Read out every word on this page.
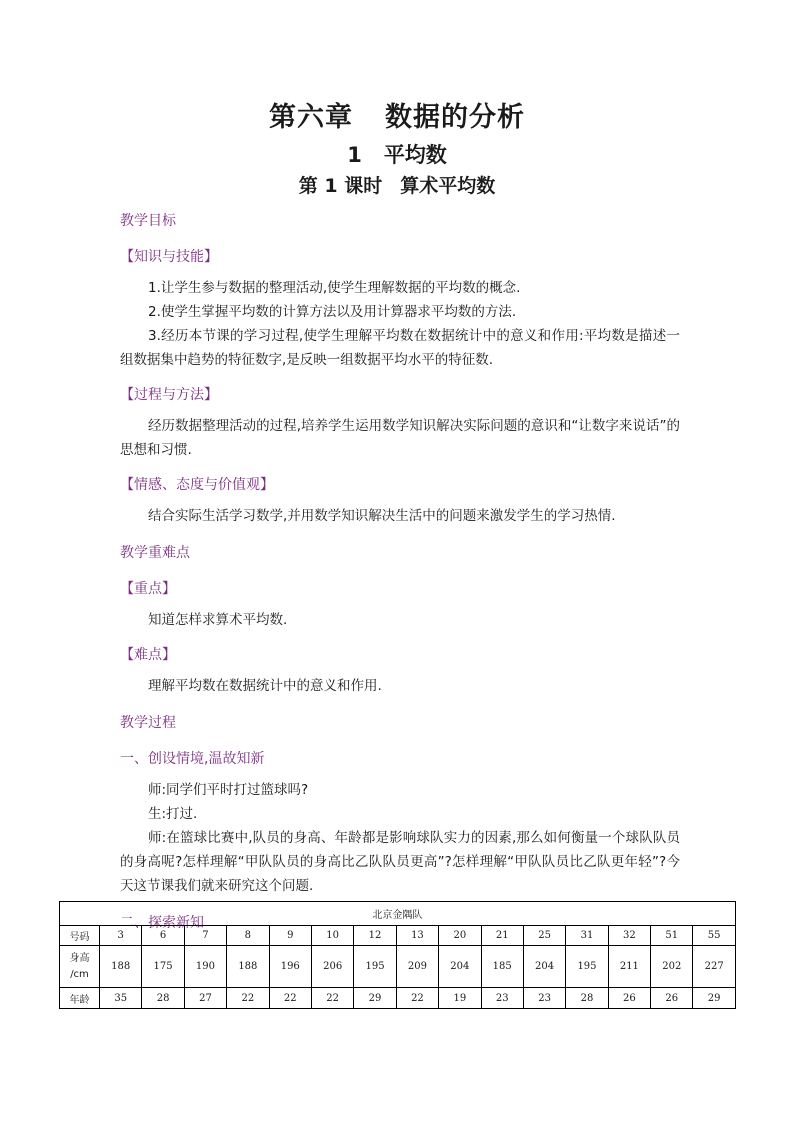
第六章 数据的分析
1 平均数
第 1 课时 算术平均数
教学目标
【知识与技能】

1.让学生参与数据的整理活动,使学生理解数据的平均数的概念.

2.使学生掌握平均数的计算方法以及用计算器求平均数的方法.

3.经历本节课的学习过程,使学生理解平均数在数据统计中的意义和作用:平均数是描述一组数据集中趋势的特征数字,是反映一组数据平均水平的特征数.

【过程与方法】

经历数据整理活动的过程,培养学生运用数学知识解决实际问题的意识和“让数字来说话”的思想和习惯.

【情感、态度与价值观】

结合实际生活学习数学,并用数学知识解决生活中的问题来激发学生的学习热情.

教学重难点
【重点】

知道怎样求算术平均数.

【难点】

理解平均数在数据统计中的意义和作用.

教学过程
一、创设情境,温故知新

师:同学们平时打过篮球吗?

生:打过.

师:在篮球比赛中,队员的身高、年龄都是影响球队实力的因素,那么如何衡量一个球队队员的身高呢?怎样理解“甲队队员的身高比乙队队员更高”?怎样理解“甲队队员比乙队更年轻”?今天这节课我们就来研究这个问题.

二、探索新知	北京金隅队															
号码	3	6	7	8	9	10	12	13	20	21	25	31	32	51	55
身高
/cm	188	175	190	188	196	206	195	209	204	185	204	195	211	202	227
年龄	35	28	27	22	22	22	29	22	19	23	23	28	26	26	29
